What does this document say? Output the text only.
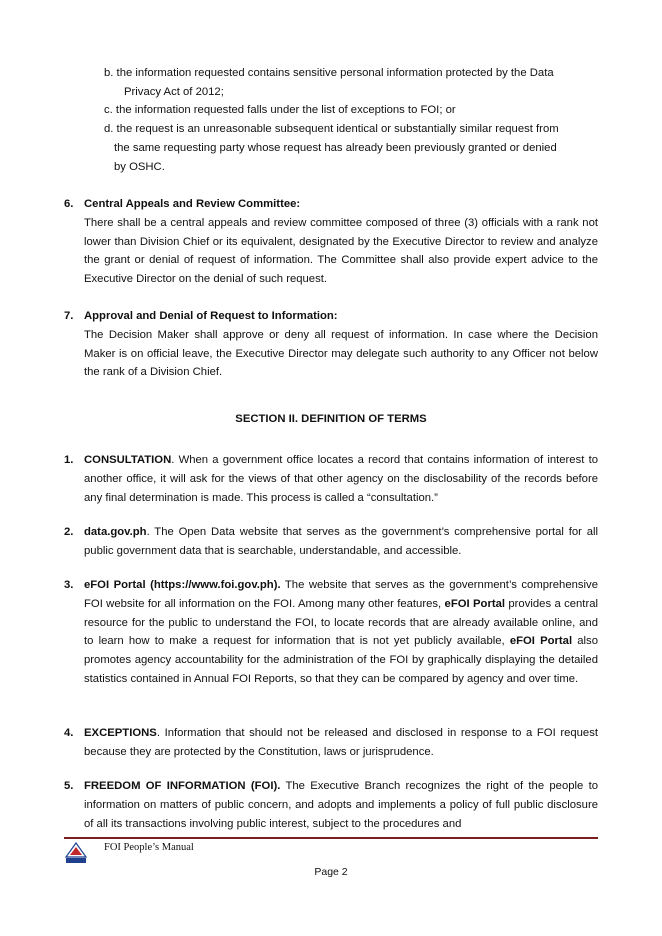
b. the information requested contains sensitive personal information protected by the Data
Privacy Act of 2012;
c. the information requested falls under the list of exceptions to FOI; or
d. the request is an unreasonable subsequent identical or substantially similar request from
the same requesting party whose request has already been previously granted or denied
by OSHC.
6. Central Appeals and Review Committee:
There shall be a central appeals and review committee composed of three (3) officials with a rank not lower than Division Chief or its equivalent, designated by the Executive Director to review and analyze the grant or denial of request of information. The Committee shall also provide expert advice to the Executive Director on the denial of such request.
7. Approval and Denial of Request to Information:
The Decision Maker shall approve or deny all request of information. In case where the Decision Maker is on official leave, the Executive Director may delegate such authority to any Officer not below the rank of a Division Chief.
SECTION II. DEFINITION OF TERMS
1. CONSULTATION. When a government office locates a record that contains information of interest to another office, it will ask for the views of that other agency on the disclosability of the records before any final determination is made. This process is called a “consultation.”
2. data.gov.ph. The Open Data website that serves as the government’s comprehensive portal for all public government data that is searchable, understandable, and accessible.
3. eFOI Portal (https://www.foi.gov.ph). The website that serves as the government’s comprehensive FOI website for all information on the FOI. Among many other features, eFOI Portal provides a central resource for the public to understand the FOI, to locate records that are already available online, and to learn how to make a request for information that is not yet publicly available, eFOI Portal also promotes agency accountability for the administration of the FOI by graphically displaying the detailed statistics contained in Annual FOI Reports, so that they can be compared by agency and over time.
4. EXCEPTIONS. Information that should not be released and disclosed in response to a FOI request because they are protected by the Constitution, laws or jurisprudence.
5. FREEDOM OF INFORMATION (FOI). The Executive Branch recognizes the right of the people to information on matters of public concern, and adopts and implements a policy of full public disclosure of all its transactions involving public interest, subject to the procedures and
FOI People’s Manual
Page 2
